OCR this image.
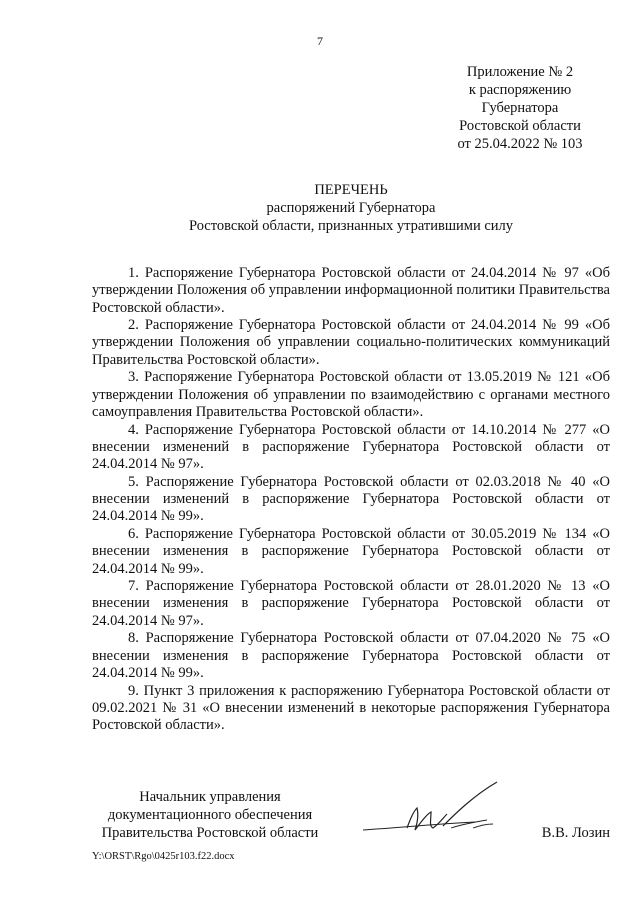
7
Приложение № 2
к распоряжению
Губернатора
Ростовской области
от 25.04.2022 № 103
ПЕРЕЧЕНЬ
распоряжений Губернатора
Ростовской области, признанных утратившими силу

1. Распоряжение Губернатора Ростовской области от 24.04.2014 № 97 «Об утверждении Положения об управлении информационной политики Правительства Ростовской области».

2. Распоряжение Губернатора Ростовской области от 24.04.2014 № 99 «Об утверждении Положения об управлении социально-политических коммуникаций Правительства Ростовской области».

3. Распоряжение Губернатора Ростовской области от 13.05.2019 № 121 «Об утверждении Положения об управлении по взаимодействию с органами местного самоуправления Правительства Ростовской области».

4. Распоряжение Губернатора Ростовской области от 14.10.2014 № 277 «О внесении изменений в распоряжение Губернатора Ростовской области от 24.04.2014 № 97».

5. Распоряжение Губернатора Ростовской области от 02.03.2018 № 40 «О внесении изменений в распоряжение Губернатора Ростовской области от 24.04.2014 № 99».

6. Распоряжение Губернатора Ростовской области от 30.05.2019 № 134 «О внесении изменения в распоряжение Губернатора Ростовской области от 24.04.2014 № 99».

7. Распоряжение Губернатора Ростовской области от 28.01.2020 № 13 «О внесении изменения в распоряжение Губернатора Ростовской области от 24.04.2014 № 97».

8. Распоряжение Губернатора Ростовской области от 07.04.2020 № 75 «О внесении изменения в распоряжение Губернатора Ростовской области от 24.04.2014 № 99».

9. Пункт 3 приложения к распоряжению Губернатора Ростовской области от 09.02.2021 № 31 «О внесении изменений в некоторые распоряжения Губернатора Ростовской области».

Начальник управления
документационного обеспечения
Правительства Ростовской области	В.В. Лозин
Y:\ORST\Rgo\0425r103.f22.docx
